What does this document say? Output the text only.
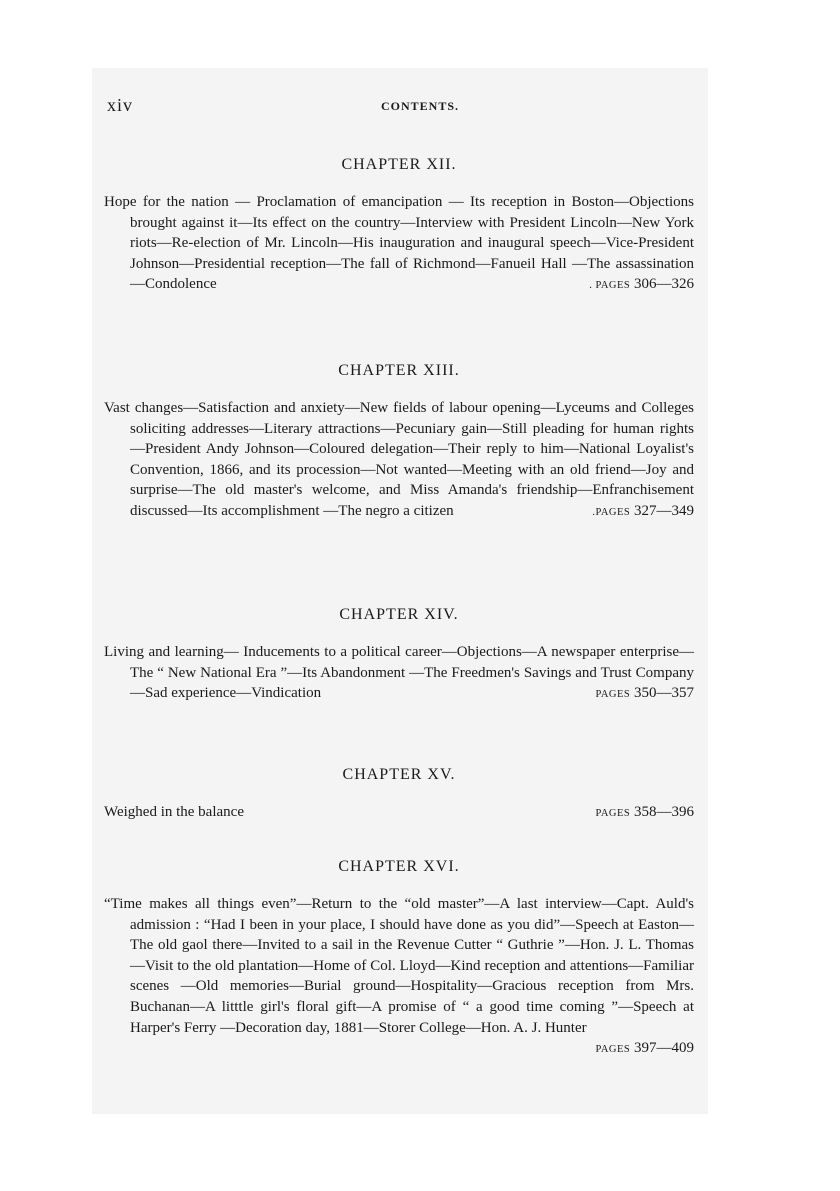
xiv	CONTENTS.
CHAPTER XII.

Hope for the nation — Proclamation of emancipation — Its reception in Boston—Objections brought against it—Its effect on the country—Interview with President Lincoln—New York riots—Re-election of Mr. Lincoln—His inauguration and inaugural speech—Vice-President Johnson—Presidential reception—The fall of Richmond—Fanueil Hall —The assassination—Condolence	. PAGES 306—326

CHAPTER XIII.

Vast changes—Satisfaction and anxiety—New fields of labour opening—Lyceums and Colleges soliciting addresses—Literary attractions—Pecuniary gain—Still pleading for human rights—President Andy Johnson—Coloured delegation—Their reply to him—National Loyalist's Convention, 1866, and its procession—Not wanted—Meeting with an old friend—Joy and surprise—The old master's welcome, and Miss Amanda's friendship—Enfranchisement discussed—Its accomplishment —The negro a citizen	.PAGES 327—349

CHAPTER XIV.

Living and learning— Inducements to a political career—Objections—A newspaper enterprise—The “ New National Era ”—Its Abandonment —The Freedmen's Savings and Trust Company—Sad experience—Vindication	PAGES 350—357

CHAPTER XV.

Weighed in the balance	PAGES 358—396

CHAPTER XVI.

“Time makes all things even”—Return to the “old master”—A last interview—Capt. Auld's admission : “Had I been in your place, I should have done as you did”—Speech at Easton—The old gaol there—Invited to a sail in the Revenue Cutter “ Guthrie ”—Hon. J. L. Thomas—Visit to the old plantation—Home of Col. Lloyd—Kind reception and attentions—Familiar scenes —Old memories—Burial ground—Hospitality—Gracious reception from Mrs. Buchanan—A litttle girl's floral gift—A promise of “ a good time coming ”—Speech at Harper's Ferry —Decoration day, 1881—Storer College—Hon. A. J. Hunter
PAGES 397—409
